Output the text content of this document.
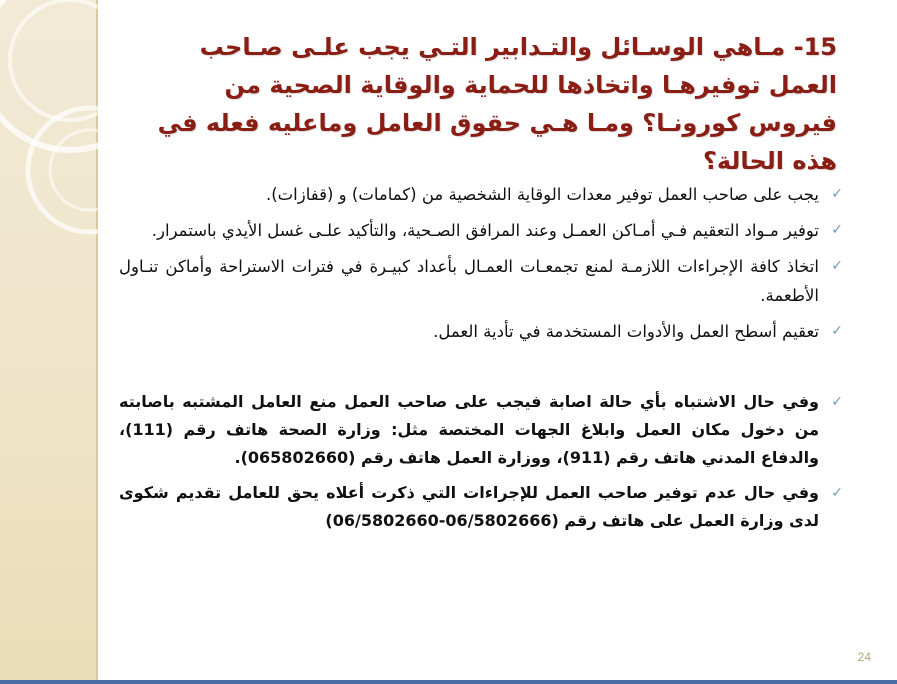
15- مـاهي الوسـائل والتـدابير التـي يجب علـى صـاحب العمل توفيرهـا واتخاذها للحماية والوقاية الصحية من فيروس كورونـا؟ ومـا هـي حقوق العامل وماعليه فعله في هذه الحالة؟
✓
يجب على صاحب العمل توفير معدات الوقاية الشخصية من (كمامات) و (قفازات).
✓
توفير مـواد التعقيم فـي أمـاكن العمـل وعند المرافق الصـحية، والتأكيد علـى غسل الأيدي باستمرار.
✓
اتخاذ كافة الإجراءات اللازمـة لمنع تجمعـات العمـال بأعداد كبيـرة في فترات الاستراحة وأماكن تنـاول الأطعمة.
✓
تعقيم أسطح العمل والأدوات المستخدمة في تأدية العمل.
✓
وفي حال الاشتباه بأي حالة اصابة فيجب على صاحب العمل منع العامل المشتبه باصابته من دخول مكان العمل وابلاغ الجهات المختصة مثل: وزارة الصحة هاتف رقم (111)، والدفاع المدني هاتف رقم (911)، ووزارة العمل هاتف رقم (065802660).
✓
وفي حال عدم توفير صاحب العمل للإجراءات التي ذكرت أعلاه يحق للعامل تقديم شكوى لدى وزارة العمل على هاتف رقم (06/5802666-06/5802660)
24
